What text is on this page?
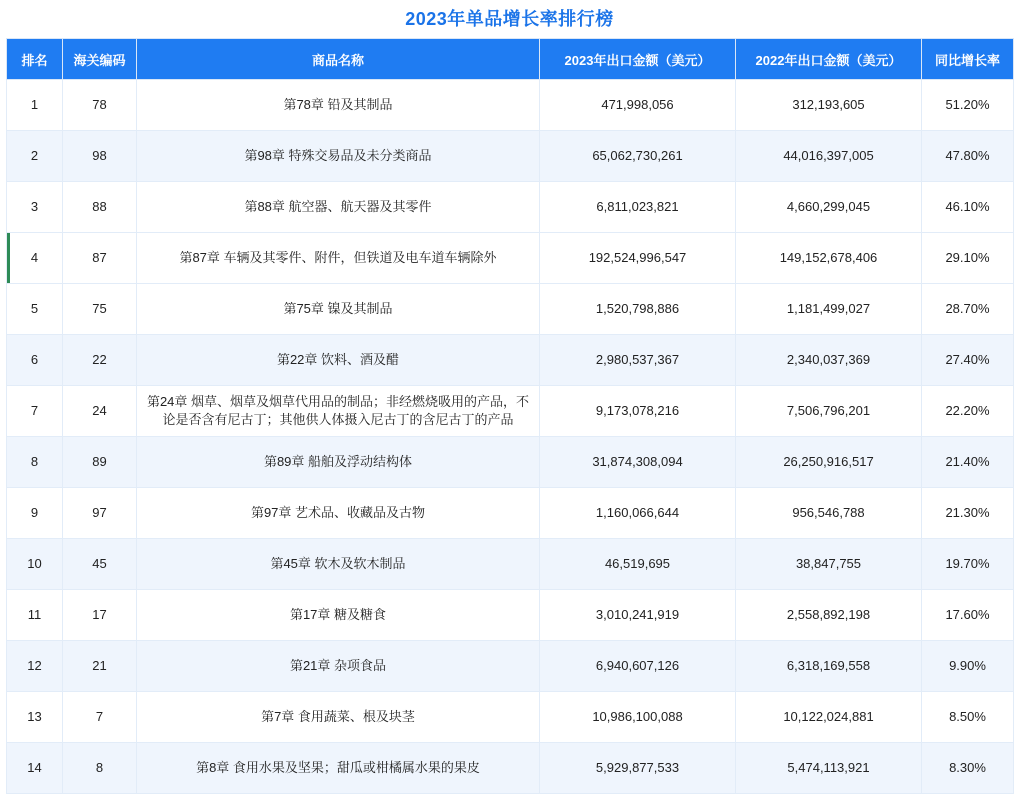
2023年单品增长率排行榜
排名	海关编码	商品名称	2023年出口金额（美元）	2022年出口金额（美元）	同比增长率
1	78	第78章 铅及其制品	471,998,056	312,193,605	51.20%
2	98	第98章 特殊交易品及未分类商品	65,062,730,261	44,016,397,005	47.80%
3	88	第88章 航空器、航天器及其零件	6,811,023,821	4,660,299,045	46.10%
4	87	第87章 车辆及其零件、附件，但铁道及电车道车辆除外	192,524,996,547	149,152,678,406	29.10%
5	75	第75章 镍及其制品	1,520,798,886	1,181,499,027	28.70%
6	22	第22章 饮料、酒及醋	2,980,537,367	2,340,037,369	27.40%
7	24	第24章 烟草、烟草及烟草代用品的制品；非经燃烧吸用的产品，不论是否含有尼古丁；其他供人体摄入尼古丁的含尼古丁的产品	9,173,078,216	7,506,796,201	22.20%
8	89	第89章 船舶及浮动结构体	31,874,308,094	26,250,916,517	21.40%
9	97	第97章 艺术品、收藏品及古物	1,160,066,644	956,546,788	21.30%
10	45	第45章 软木及软木制品	46,519,695	38,847,755	19.70%
11	17	第17章 糖及糖食	3,010,241,919	2,558,892,198	17.60%
12	21	第21章 杂项食品	6,940,607,126	6,318,169,558	9.90%
13	7	第7章 食用蔬菜、根及块茎	10,986,100,088	10,122,024,881	8.50%
14	8	第8章 食用水果及坚果；甜瓜或柑橘属水果的果皮	5,929,877,533	5,474,113,921	8.30%
